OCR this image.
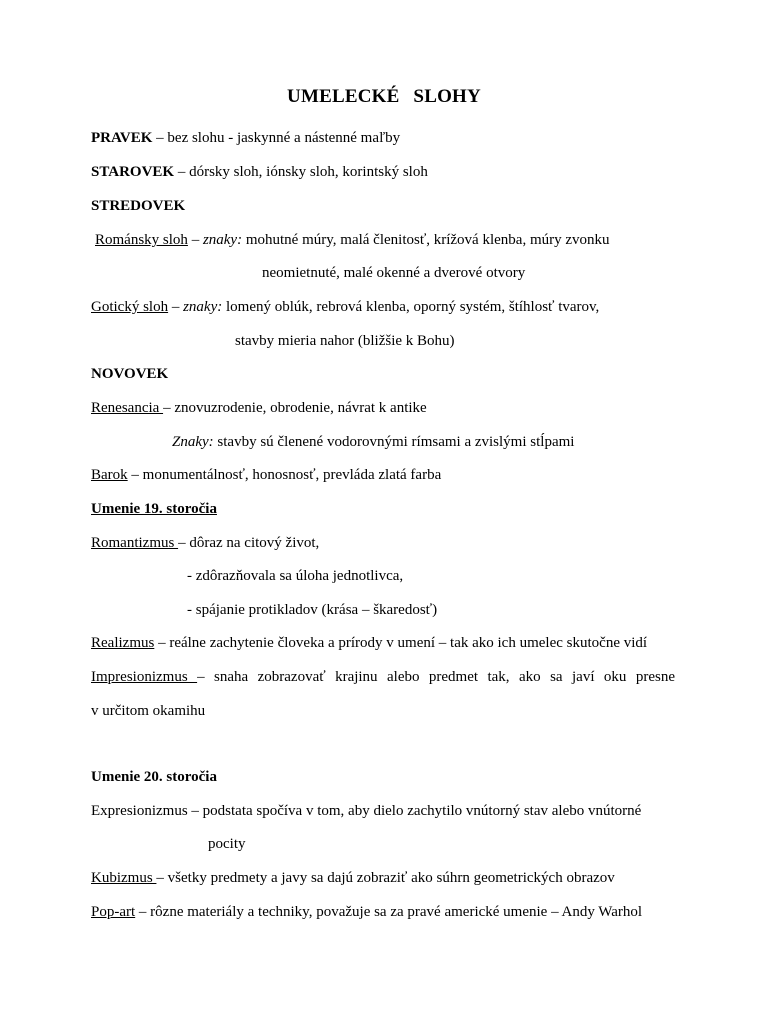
UMELECKÉ SLOHY
PRAVEK – bez slohu - jaskynné a nástenné maľby
STAROVEK – dórsky sloh, iónsky sloh, korintský sloh
STREDOVEK
Románsky sloh – znaky: mohutné múry, malá členitosť, krížová klenba, múry zvonku
neomietnuté, malé okenné a dverové otvory
Gotický sloh – znaky: lomený oblúk, rebrová klenba, oporný systém, štíhlosť tvarov,
stavby mieria nahor (bližšie k Bohu)
NOVOVEK
Renesancia – znovuzrodenie, obrodenie, návrat k antike
Znaky: stavby sú členené vodorovnými rímsami a zvislými stĺpami
Barok – monumentálnosť, honosnosť, prevláda zlatá farba
Umenie 19. storočia
Romantizmus – dôraz na citový život,
- zdôrazňovala sa úloha jednotlivca,
- spájanie protikladov (krása – škaredosť)
Realizmus – reálne zachytenie človeka a prírody v umení – tak ako ich umelec skutočne vidí
Impresionizmus – snaha zobrazovať krajinu alebo predmet tak, ako sa javí oku presne
v určitom okamihu
Umenie 20. storočia
Expresionizmus – podstata spočíva v tom, aby dielo zachytilo vnútorný stav alebo vnútorné
pocity
Kubizmus – všetky predmety a javy sa dajú zobraziť ako súhrn geometrických obrazov
Pop-art – rôzne materiály a techniky, považuje sa za pravé americké umenie – Andy Warhol
